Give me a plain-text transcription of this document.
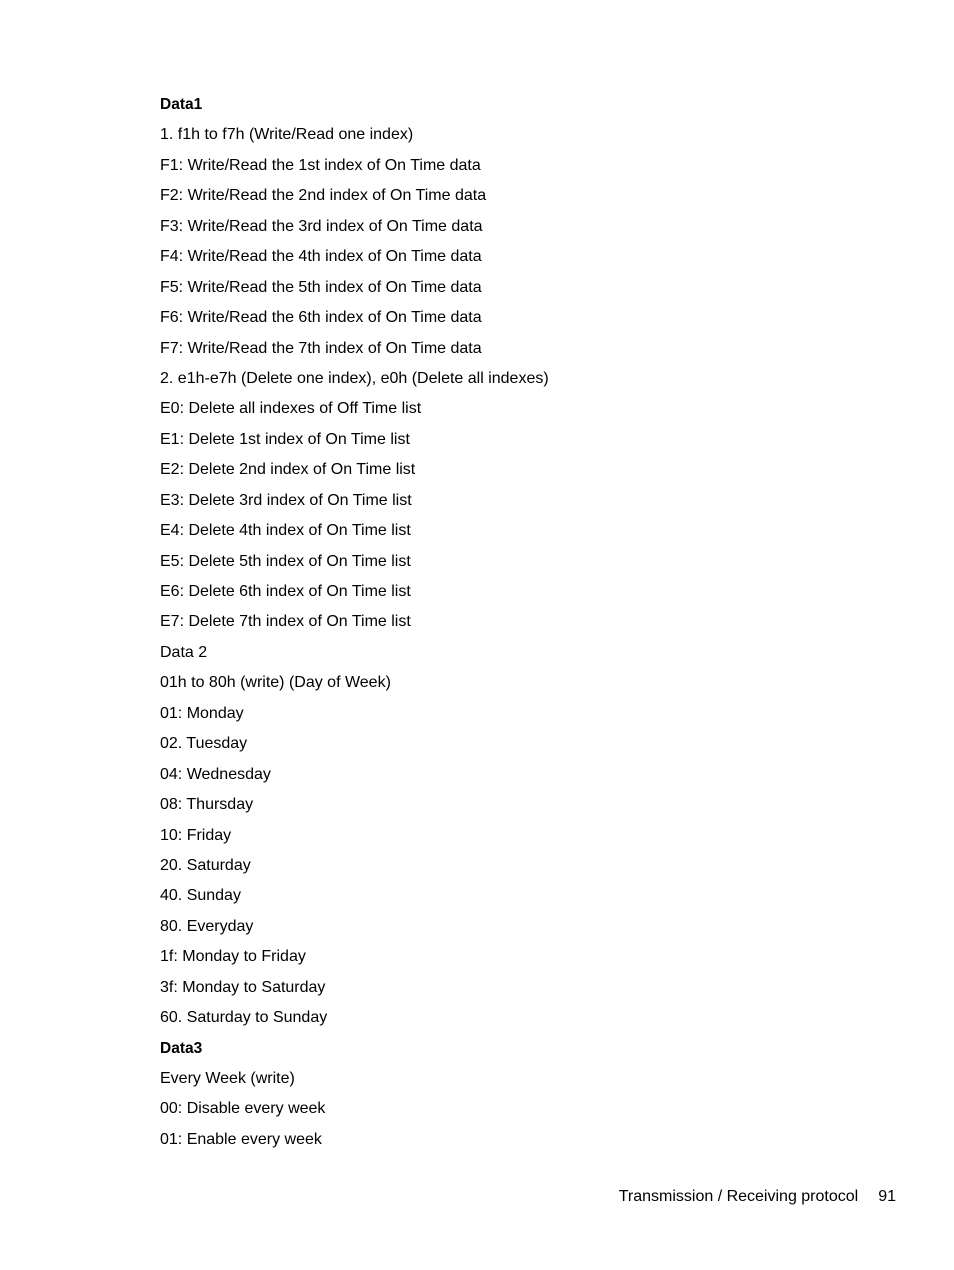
Data1
1. f1h to f7h (Write/Read one index)
F1: Write/Read the 1st index of On Time data
F2: Write/Read the 2nd index of On Time data
F3: Write/Read the 3rd index of On Time data
F4: Write/Read the 4th index of On Time data
F5: Write/Read the 5th index of On Time data
F6: Write/Read the 6th index of On Time data
F7: Write/Read the 7th index of On Time data
2. e1h-e7h (Delete one index), e0h (Delete all indexes)
E0: Delete all indexes of Off Time list
E1: Delete 1st index of On Time list
E2: Delete 2nd index of On Time list
E3: Delete 3rd index of On Time list
E4: Delete 4th index of On Time list
E5: Delete 5th index of On Time list
E6: Delete 6th index of On Time list
E7: Delete 7th index of On Time list
Data 2
01h to 80h (write) (Day of Week)
01: Monday
02. Tuesday
04: Wednesday
08: Thursday
10: Friday
20. Saturday
40. Sunday
80. Everyday
1f: Monday to Friday
3f: Monday to Saturday
60. Saturday to Sunday
Data3
Every Week (write)
00: Disable every week
01: Enable every week
Transmission / Receiving protocol 91
